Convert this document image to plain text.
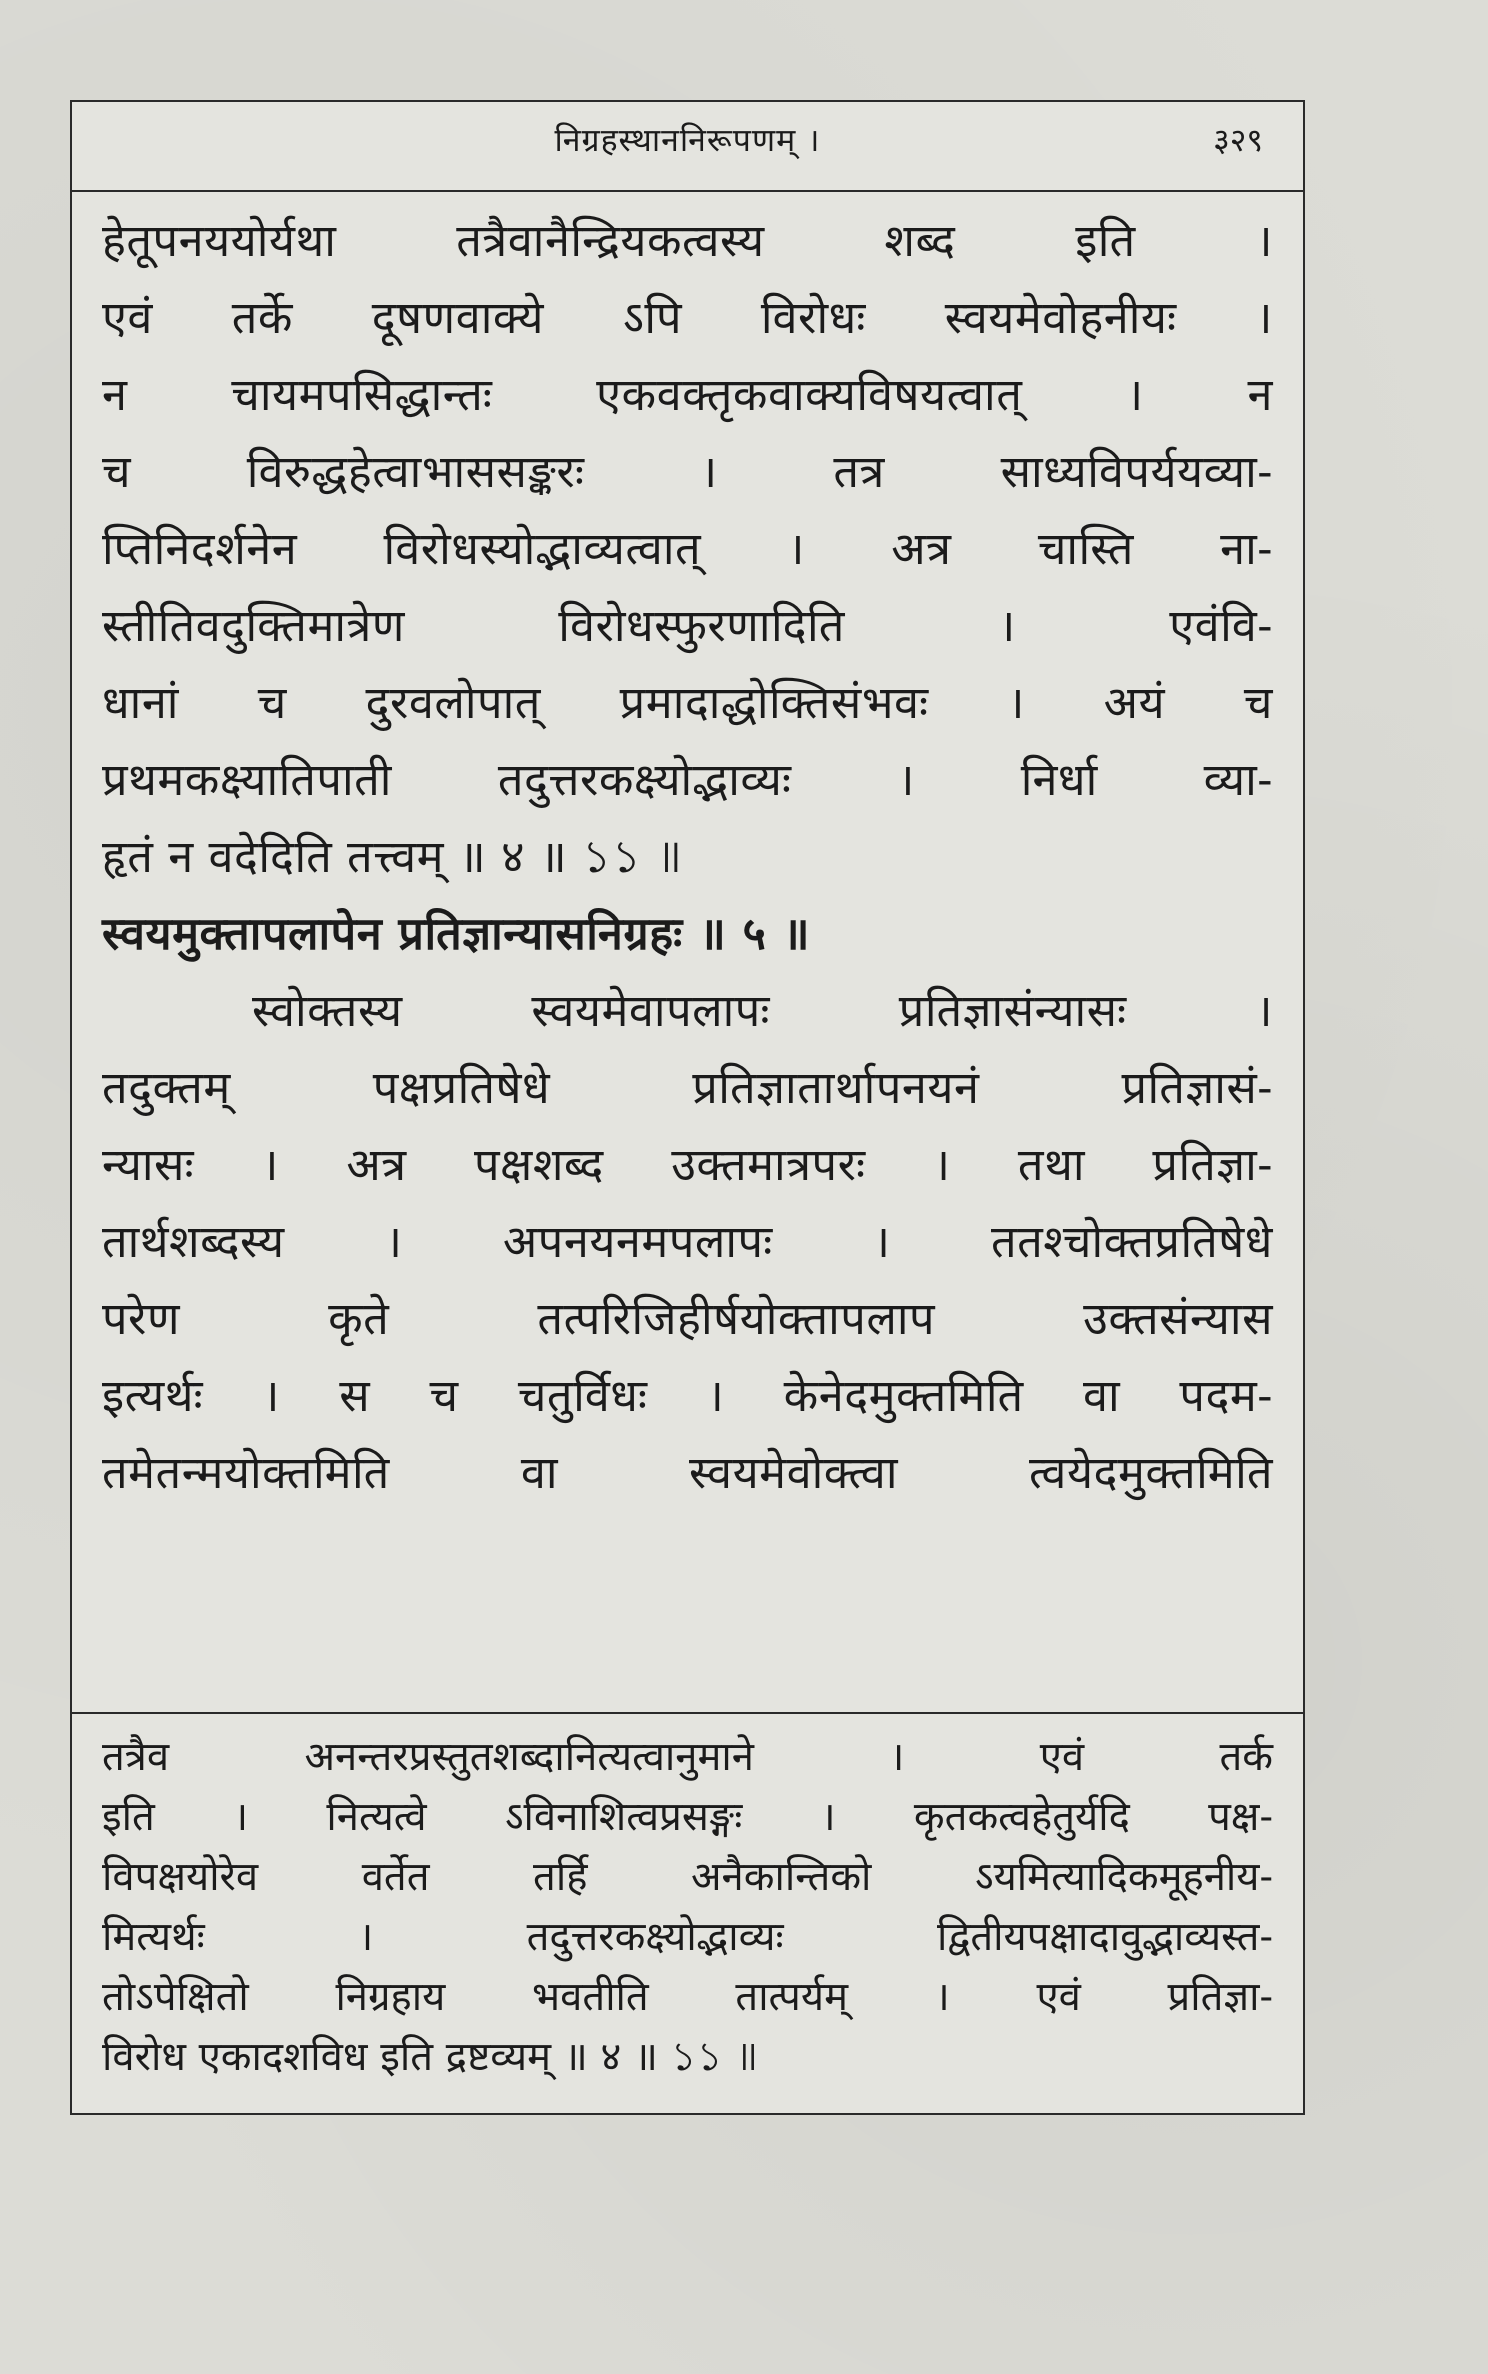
निग्रहस्थाननिरूपणम् ।	३२९
हेतूपनययोर्यथा तत्रैवानैन्द्रियकत्वस्य शब्द इति ।
एवं तर्के दूषणवाक्ये ऽपि विरोधः स्वयमेवोहनीयः ।
न चायमपसिद्धान्तः एकवक्तृकवाक्यविषयत्वात् । न
च विरुद्धहेत्वाभाससङ्करः । तत्र साध्यविपर्ययव्या-
प्तिनिदर्शनेन विरोधस्योद्भाव्यत्वात् । अत्र चास्ति ना-
स्तीतिवदुक्तिमात्रेण विरोधस्फुरणादिति । एवंवि-
धानां च दुरवलोपात् प्रमादाद्धोक्तिसंभवः । अयं च
प्रथमकक्ष्यातिपाती तदुत्तरकक्ष्योद्भाव्यः । निर्धा व्या-
हृतं न वदेदिति तत्त्वम् ॥ ४ ॥ ১১ ॥
स्वयमुक्तापलापेन प्रतिज्ञान्यासनिग्रहः ॥ ५ ॥
स्वोक्तस्य स्वयमेवापलापः प्रतिज्ञासंन्यासः ।
तदुक्तम् पक्षप्रतिषेधे प्रतिज्ञातार्थापनयनं प्रतिज्ञासं-
न्यासः । अत्र पक्षशब्द उक्तमात्रपरः । तथा प्रतिज्ञा-
तार्थशब्दस्य । अपनयनमपलापः । ततश्चोक्तप्रतिषेधे
परेण कृते तत्परिजिहीर्षयोक्तापलाप उक्तसंन्यास
इत्यर्थः । स च चतुर्विधः । केनेदमुक्तमिति वा पदम-
तमेतन्मयोक्तमिति वा स्वयमेवोक्त्वा त्वयेदमुक्तमिति
तत्रैव अनन्तरप्रस्तुतशब्दानित्यत्वानुमाने । एवं तर्क
इति । नित्यत्वे ऽविनाशित्वप्रसङ्गः । कृतकत्वहेतुर्यदि पक्ष-
विपक्षयोरेव वर्तेत तर्हि अनैकान्तिको ऽयमित्यादिकमूहनीय-
मित्यर्थः । तदुत्तरकक्ष्योद्भाव्यः द्वितीयपक्षादावुद्भाव्यस्त-
तोऽपेक्षितो निग्रहाय भवतीति तात्पर्यम् । एवं प्रतिज्ञा-
विरोध एकादशविध इति द्रष्टव्यम् ॥ ४ ॥ ১১ ॥
